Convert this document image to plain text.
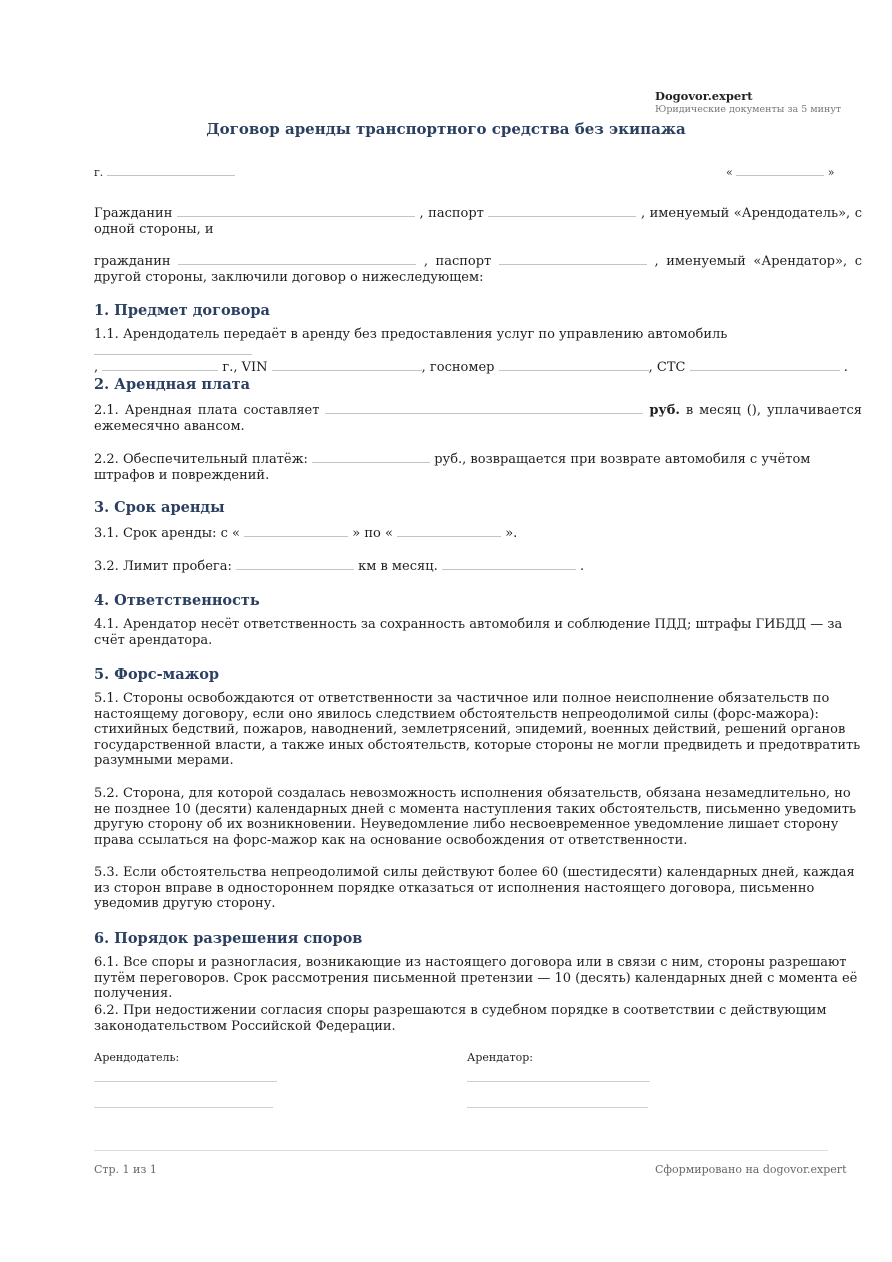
Dogovor.expert
Юридические документы за 5 минут
Договор аренды транспортного средства без экипажа
г.	«	»
Гражданин	, паспорт	, именуемый «Арендодатель», с одной стороны, и
гражданин	, паспорт	, именуемый «Арендатор», с другой стороны, заключили договор о нижеследующем:
1. Предмет договора
1.1. Арендодатель передаёт в аренду без предоставления услуг по управлению автомобиль
,	г., VIN	, госномер	, СТС	.
2. Арендная плата
2.1. Арендная плата составляет	руб. в месяц (), уплачивается ежемесячно авансом.
2.2. Обеспечительный платёж:	руб., возвращается при возврате автомобиля с учётом штрафов и повреждений.
3. Срок аренды
3.1. Срок аренды: с «	» по «	».
3.2. Лимит пробега:	км в месяц.	.
4. Ответственность
4.1. Арендатор несёт ответственность за сохранность автомобиля и соблюдение ПДД; штрафы ГИБДД — за счёт арендатора.
5. Форс-мажор
5.1. Стороны освобождаются от ответственности за частичное или полное неисполнение обязательств по настоящему договору, если оно явилось следствием обстоятельств непреодолимой силы (форс-мажора): стихийных бедствий, пожаров, наводнений, землетрясений, эпидемий, военных действий, решений органов государственной власти, а также иных обстоятельств, которые стороны не могли предвидеть и предотвратить разумными мерами.
5.2. Сторона, для которой создалась невозможность исполнения обязательств, обязана незамедлительно, но не позднее 10 (десяти) календарных дней с момента наступления таких обстоятельств, письменно уведомить другую сторону об их возникновении. Неуведомление либо несвоевременное уведомление лишает сторону права ссылаться на форс-мажор как на основание освобождения от ответственности.
5.3. Если обстоятельства непреодолимой силы действуют более 60 (шестидесяти) календарных дней, каждая из сторон вправе в одностороннем порядке отказаться от исполнения настоящего договора, письменно уведомив другую сторону.
6. Порядок разрешения споров
6.1. Все споры и разногласия, возникающие из настоящего договора или в связи с ним, стороны разрешают путём переговоров. Срок рассмотрения письменной претензии — 10 (десять) календарных дней с момента её получения.
6.2. При недостижении согласия споры разрешаются в судебном порядке в соответствии с действующим законодательством Российской Федерации.
Арендодатель:	Арендатор:
Стр. 1 из 1	Сформировано на dogovor.expert
